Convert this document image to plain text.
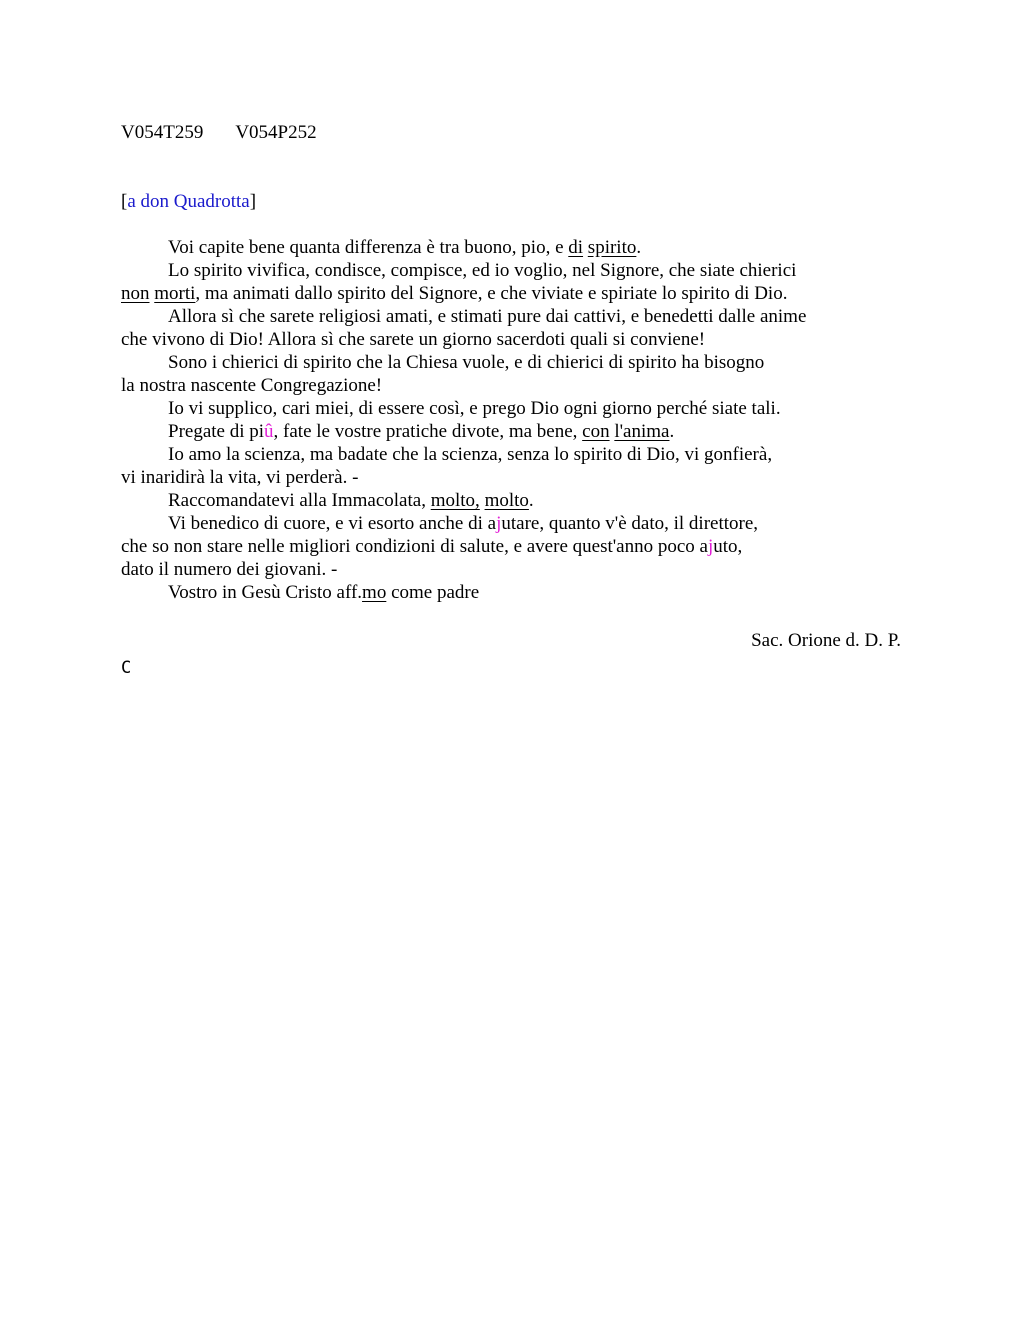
V054T259 V054P252
[a don Quadrotta]
Voi capite bene quanta differenza è tra buono, pio, e di spirito.
Lo spirito vivifica, condisce, compisce, ed io voglio, nel Signore, che siate chierici
non morti, ma animati dallo spirito del Signore, e che viviate e spiriate lo spirito di Dio.
Allora sì che sarete religiosi amati, e stimati pure dai cattivi, e benedetti dalle anime
che vivono di Dio! Allora sì che sarete un giorno sacerdoti quali si conviene!
Sono i chierici di spirito che la Chiesa vuole, e di chierici di spirito ha bisogno
la nostra nascente Congregazione!
Io vi supplico, cari miei, di essere così, e prego Dio ogni giorno perché siate tali.
Pregate di piû, fate le vostre pratiche divote, ma bene, con l'anima.
Io amo la scienza, ma badate che la scienza, senza lo spirito di Dio, vi gonfierà,
vi inaridirà la vita, vi perderà. -
Raccomandatevi alla Immacolata, molto, molto.
Vi benedico di cuore, e vi esorto anche di ajutare, quanto v'è dato, il direttore,
che so non stare nelle migliori condizioni di salute, e avere quest'anno poco ajuto,
dato il numero dei giovani. -
Vostro in Gesù Cristo aff.mo come padre
Sac. Orione d. D. P.
C
